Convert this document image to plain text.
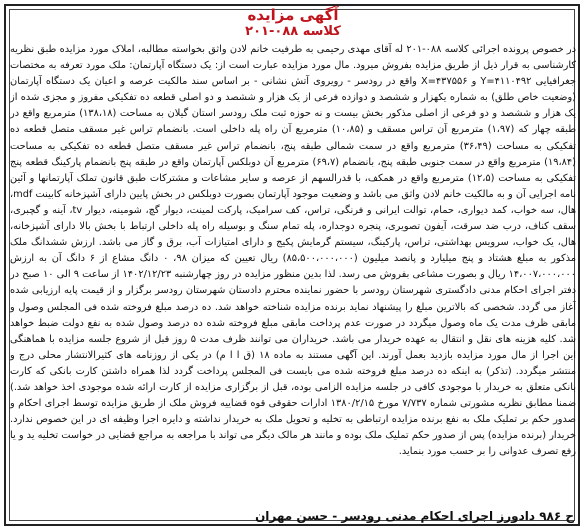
آگهی مزایده
کلاسه ۰۸۸-۲۰۱

در خصوص پرونده اجرائی کلاسه ۰۸۸-۲۰۱ له آقای مهدی رحیمی به طرفیت خانم لادن واثق بخواسته مطالبه، املاک مورد مزایده طبق نظریه کارشناسی به قرار ذیل از طریق مزایده بفروش میرود. مال مورد مزایده عبارت است از: یک دستگاه آپارتمان: ملک مورد تعرفه به مختصات جغرافیایی Y=۴۱۱۰۴۹۲ و X=۴۳۷۵۵۶ واقع در رودسر - رویروی آتش نشانی - بر اساس سند مالکیت عرصه و اعیان یک دستگاه آپارتمان (وضعیت خاص طلق) به شماره یکهزار و ششصد و دوازده فرعی از یک هزار و ششصد و دو اصلی قطعه ده تفکیکی مفروز و مجزی شده از یک هزار و ششصد و دو فرعی از اصلی مذکور بخش بیست و نه حوزه ثبت ملک رودسر استان گیلان به مساحت (۱۳۸،۱۸) مترمربع واقع در طبقه چهار که (۱،۹۷) مترمربع آن تراس مسقف و (۱۰،۸۵) مترمربع آن راه پله داخلی است. بانضمام تراس غیر مسقف متصل قطعه ده تفکیکی به مساحت (۳۶،۴۹) مترمربع واقع در سمت شمالی طبقه پنج، بانضمام تراس غیر مسقف متصل قطعه ده تفکیکی به مساحت (۱۹،۸۴) مترمربع واقع در سمت جنوبی طبقه پنج، بانضمام (۶۹،۷) مترمربع آن دوبلکس آپارتمان واقع در طبقه پنج بانضمام پارکینگ قطعه پنج تفکیکی به مساحت (۱۲،۵) مترمربع واقع در همکف، با قدرالسهم از عرصه و سایر مشاعات و مشترکات طبق قانون تملک آپارتمانها و آئین نامه اجرایی آن و به مالکیت خانم لادن واثق می باشد و وضعیت موجود آپارتمان بصورت دوبلکس در بخش پایین دارای آشپزخانه کابینت mdf، هال، سه خواب، کمد دیواری، حمام، توالت ایرانی و فرنگی، تراس، کف سرامیک، پارکت لمینت، دیوار گچ، شومینه، دیوار tv، آینه و گچبری، سقف کناف، درب ضد سرقت، آیفون تصویری، پنجره دوجداره، پله تمام سنگ و بوسیله راه پله داخلی ارتباط با بخش بالا دارای آشپزخانه، هال، یک خواب، سرویس بهداشتی، تراس، پارکینگ، سیستم گرمایش پکیج و دارای امتیازات آب، برق و گاز می باشد. ارزش ششدانگ ملک مذکور به مبلغ هشتاد و پنج میلیارد و پانصد میلیون (۸۵،۵۰۰،۰۰۰،۰۰۰) ریال تعیین که میزان ۹۸، ۰ دانگ مشاع از ۶ دانگ آن به ارزش ۱۴،۰۰۷،۰۰۰،۰۰۰ ریال و بصورت مشاعی بفروش می رسد. لذا بدین منظور مزایده در روز چهارشنبه ۱۴۰۲/۱۲/۲۳ از ساعت ۹ الی ۱۰ صبح در دفتر اجرای احکام مدنی دادگستری شهرستان رودسر با حضور نماینده محترم دادستان شهرستان رودسر برگزار و از قیمت پایه ارزیابی شده آغاز می گردد. شخصی که بالاترین مبلغ را پیشنهاد نماید برنده مزایده شناخته خواهد شد. ده درصد مبلغ فروخته شده فی المجلس وصول و مابقی ظرف مدت یک ماه وصول میگردد در صورت عدم پرداخت مابقی مبلغ فروخته شده ده درصد وصول شده به نفع دولت ضبط خواهد شد. کلیه هزینه های نقل و انتقال به عهده خریدار می باشد. خریداران می توانند ظرف مدت ۵ روز قبل از شروع جلسه مزایده با هماهنگی این اجرا از مال مورد مزایده بازدید بعمل آورند. این آگهی مستند به ماده ۱۸ (ق ا ا م) در یکی از روزنامه های کثیرالانتشار محلی درج و منتشر میگردد. (تذکر) به اینکه ده درصد مبلغ فروخته شده می بایست فی المجلس پرداخت گردد لذا همراه داشتن کارت بانکی که کارت بانکی متعلق به خریدار با موجودی کافی در جلسه مزایده الزامی بوده، قبل از برگزاری مزایده از کارت ارائه شده موجودی اخذ خواهد شد.) ضمنا مطابق نظریه مشورتی شماره ۷/۷۳۷ مورخ ۱۳۸۰/۲/۱۵ ادارات حقوقی قوه قضاییه فروش ملک از طریق مزایده توسط اجرای احکام و صدور حکم بر تملیک ملک به نفع برنده مزایده ارتباطی به تخلیه و تحویل ملک به خریدار نداشته و دایره اجرا وظیفه ای در این خصوص ندارد. خریدار (برنده مزایده) پس از صدور حکم تملیک ملک بوده و مانند هر مالک دیگر می تواند با مراجعه به مراجع قضایی در خواست تخلیه ید و یا رفع تصرف عدوانی را بر حسب مورد بنماید.

ح ۹۸۶ دادورز اجرای احکام مدنی رودسر - حسن مهران
